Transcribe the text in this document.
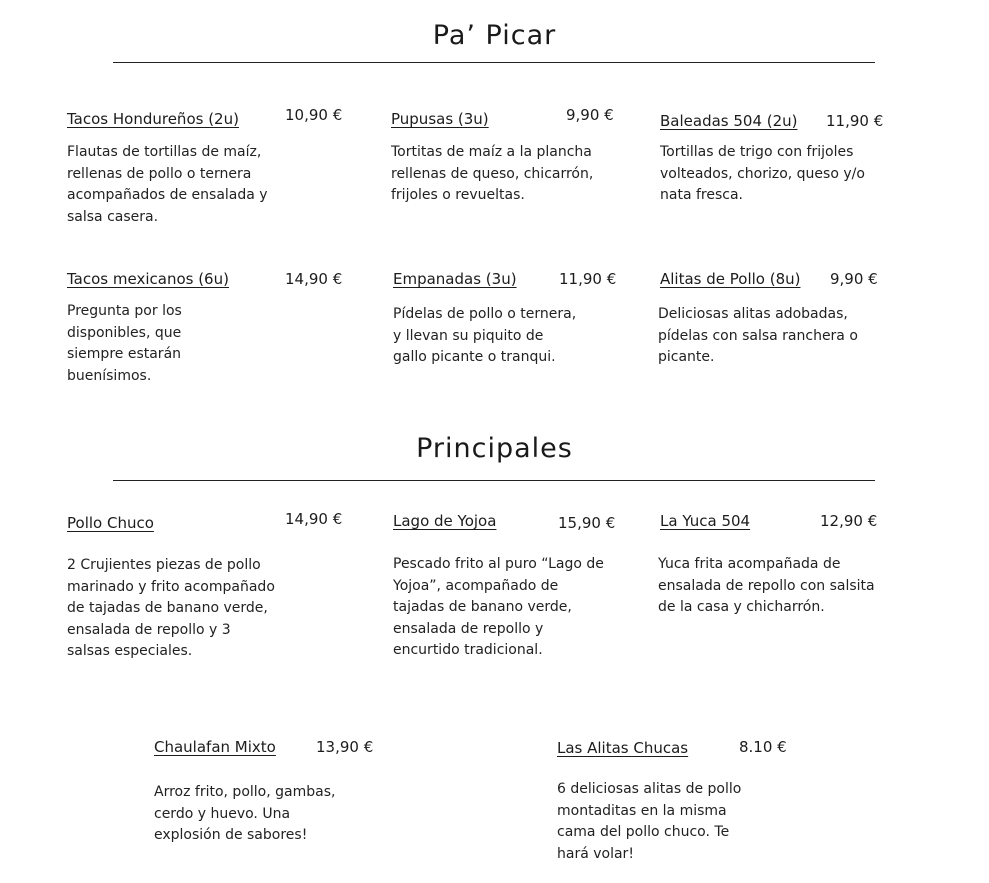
Pa’ Picar
Tacos Hondureños (2u)	10,90 €

Flautas de tortillas de maíz,
rellenas de pollo o ternera
acompañados de ensalada y
salsa casera.

Pupusas (3u)	9,90 €

Tortitas de maíz a la plancha
rellenas de queso, chicarrón,
frijoles o revueltas.

Baleadas 504 (2u) 11,90 €

Tortillas de trigo con frijoles
volteados, chorizo, queso y/o
nata fresca.

Tacos mexicanos (6u)	14,90 €

Pregunta por los
disponibles, que
siempre estarán
buenísimos.

Empanadas (3u)	11,90 €

Pídelas de pollo o ternera,
y llevan su piquito de
gallo picante o tranqui.

Alitas de Pollo (8u) 9,90 €

Deliciosas alitas adobadas,
pídelas con salsa ranchera o
picante.

Principales
Pollo Chuco	14,90 €

2 Crujientes piezas de pollo
marinado y frito acompañado
de tajadas de banano verde,
ensalada de repollo y 3
salsas especiales.

Lago de Yojoa	15,90 €

Pescado frito al puro “Lago de
Yojoa”, acompañado de
tajadas de banano verde,
ensalada de repollo y
encurtido tradicional.

La Yuca 504	12,90 €

Yuca frita acompañada de
ensalada de repollo con salsita
de la casa y chicharrón.

Chaulafan Mixto	13,90 €

Arroz frito, pollo, gambas,
cerdo y huevo. Una
explosión de sabores!

Las Alitas Chucas	8.10 €

6 deliciosas alitas de pollo
montaditas en la misma
cama del pollo chuco. Te
hará volar!
